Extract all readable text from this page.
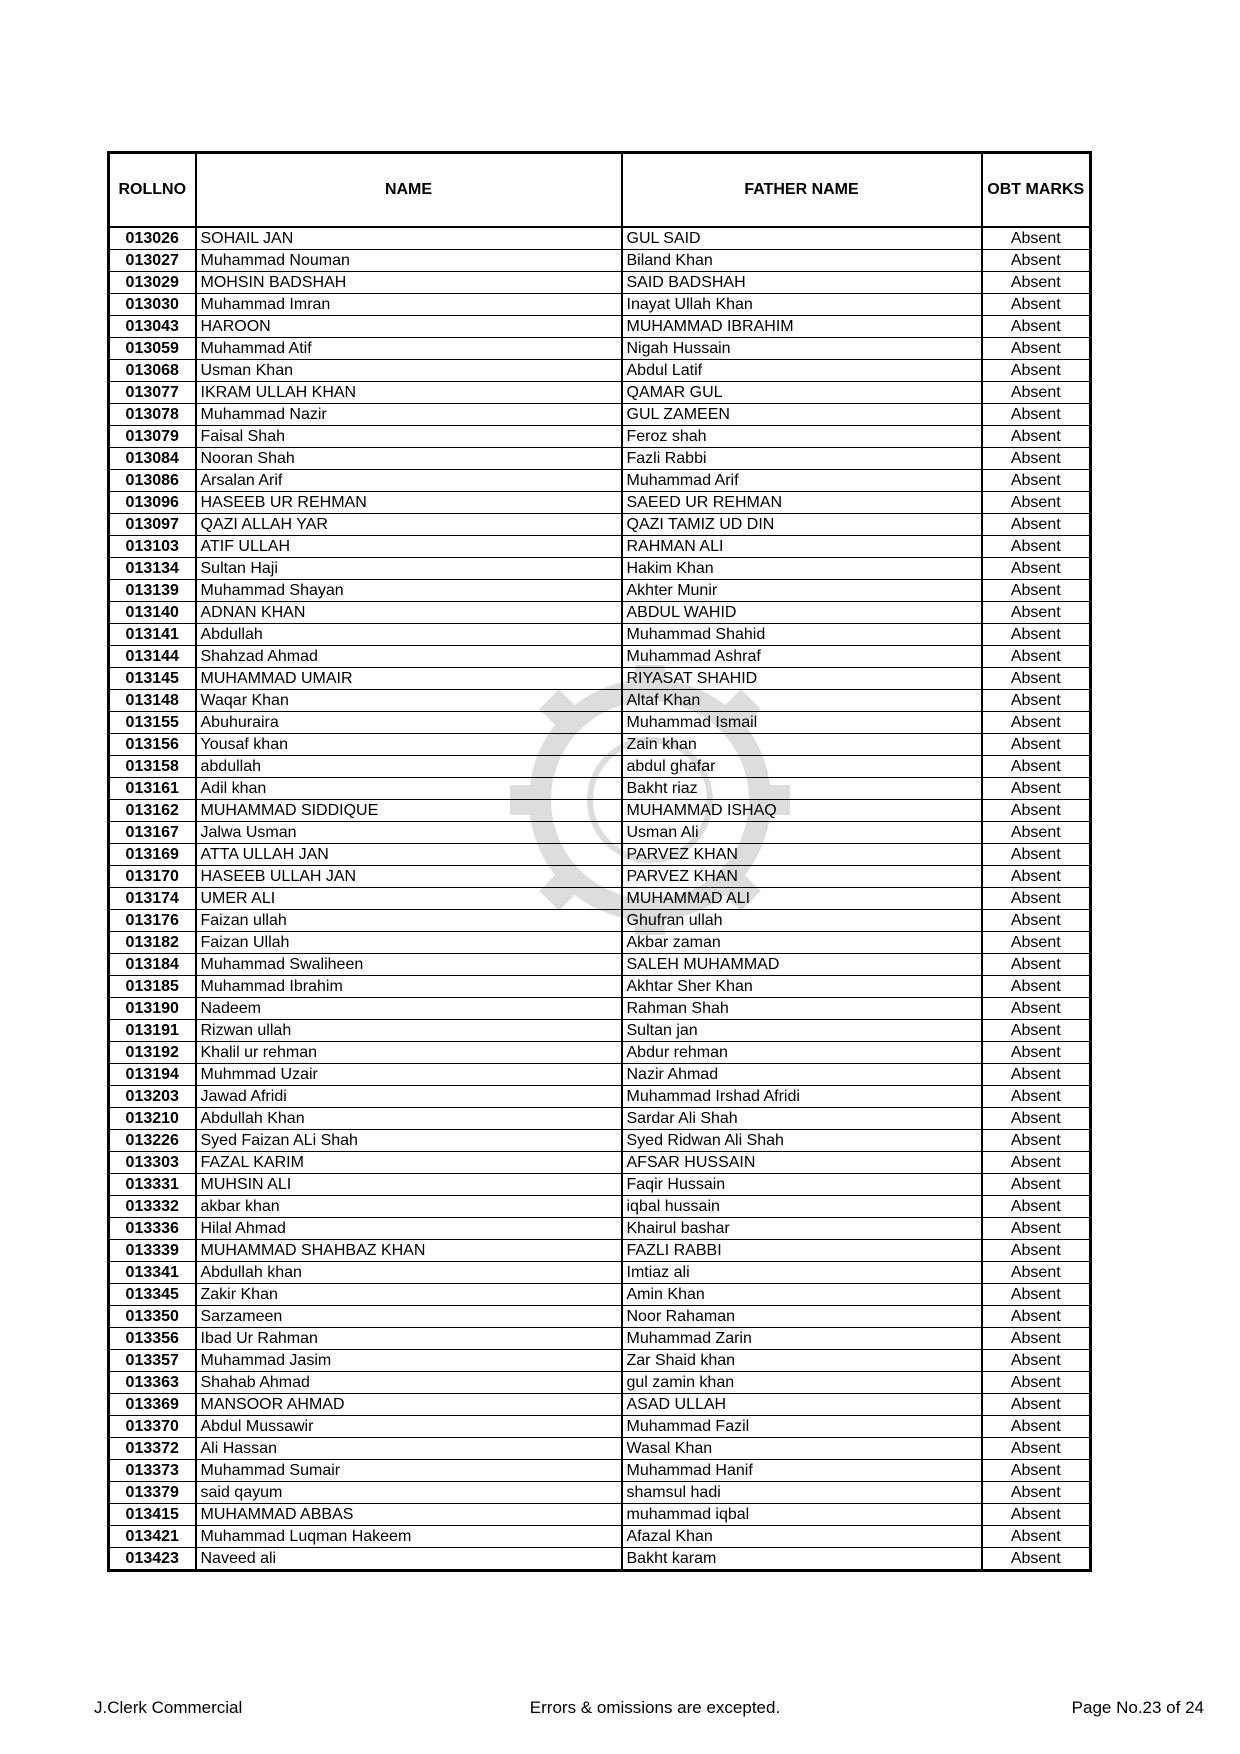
ROLLNO	NAME	FATHER NAME	OBT MARKS
013026	SOHAIL JAN	GUL SAID	Absent
013027	Muhammad Nouman	Biland Khan	Absent
013029	MOHSIN BADSHAH	SAID BADSHAH	Absent
013030	Muhammad Imran	Inayat Ullah Khan	Absent
013043	HAROON	MUHAMMAD IBRAHIM	Absent
013059	Muhammad Atif	Nigah Hussain	Absent
013068	Usman Khan	Abdul Latif	Absent
013077	IKRAM ULLAH KHAN	QAMAR GUL	Absent
013078	Muhammad Nazir	GUL ZAMEEN	Absent
013079	Faisal Shah	Feroz shah	Absent
013084	Nooran Shah	Fazli Rabbi	Absent
013086	Arsalan Arif	Muhammad Arif	Absent
013096	HASEEB UR REHMAN	SAEED UR REHMAN	Absent
013097	QAZI ALLAH YAR	QAZI TAMIZ UD DIN	Absent
013103	ATIF ULLAH	RAHMAN ALI	Absent
013134	Sultan Haji	Hakim Khan	Absent
013139	Muhammad Shayan	Akhter Munir	Absent
013140	ADNAN KHAN	ABDUL WAHID	Absent
013141	Abdullah	Muhammad Shahid	Absent
013144	Shahzad Ahmad	Muhammad Ashraf	Absent
013145	MUHAMMAD UMAIR	RIYASAT SHAHID	Absent
013148	Waqar Khan	Altaf Khan	Absent
013155	Abuhuraira	Muhammad Ismail	Absent
013156	Yousaf khan	Zain khan	Absent
013158	abdullah	abdul ghafar	Absent
013161	Adil khan	Bakht riaz	Absent
013162	MUHAMMAD SIDDIQUE	MUHAMMAD ISHAQ	Absent
013167	Jalwa Usman	Usman Ali	Absent
013169	ATTA ULLAH JAN	PARVEZ KHAN	Absent
013170	HASEEB ULLAH JAN	PARVEZ KHAN	Absent
013174	UMER ALI	MUHAMMAD ALI	Absent
013176	Faizan ullah	Ghufran ullah	Absent
013182	Faizan Ullah	Akbar zaman	Absent
013184	Muhammad Swaliheen	SALEH MUHAMMAD	Absent
013185	Muhammad Ibrahim	Akhtar Sher Khan	Absent
013190	Nadeem	Rahman Shah	Absent
013191	Rizwan ullah	Sultan jan	Absent
013192	Khalil ur rehman	Abdur rehman	Absent
013194	Muhmmad Uzair	Nazir Ahmad	Absent
013203	Jawad Afridi	Muhammad Irshad Afridi	Absent
013210	Abdullah Khan	Sardar Ali Shah	Absent
013226	Syed Faizan ALi Shah	Syed Ridwan Ali Shah	Absent
013303	FAZAL KARIM	AFSAR HUSSAIN	Absent
013331	MUHSIN ALI	Faqir Hussain	Absent
013332	akbar khan	iqbal hussain	Absent
013336	Hilal Ahmad	Khairul bashar	Absent
013339	MUHAMMAD SHAHBAZ KHAN	FAZLI RABBI	Absent
013341	Abdullah khan	Imtiaz ali	Absent
013345	Zakir Khan	Amin Khan	Absent
013350	Sarzameen	Noor Rahaman	Absent
013356	Ibad Ur Rahman	Muhammad Zarin	Absent
013357	Muhammad Jasim	Zar Shaid khan	Absent
013363	Shahab Ahmad	gul zamin khan	Absent
013369	MANSOOR AHMAD	ASAD ULLAH	Absent
013370	Abdul Mussawir	Muhammad Fazil	Absent
013372	Ali Hassan	Wasal Khan	Absent
013373	Muhammad Sumair	Muhammad Hanif	Absent
013379	said qayum	shamsul hadi	Absent
013415	MUHAMMAD ABBAS	muhammad iqbal	Absent
013421	Muhammad Luqman Hakeem	Afazal Khan	Absent
013423	Naveed ali	Bakht karam	Absent
J.Clerk Commercial	Errors & omissions are excepted.	Page No.23 of 24
